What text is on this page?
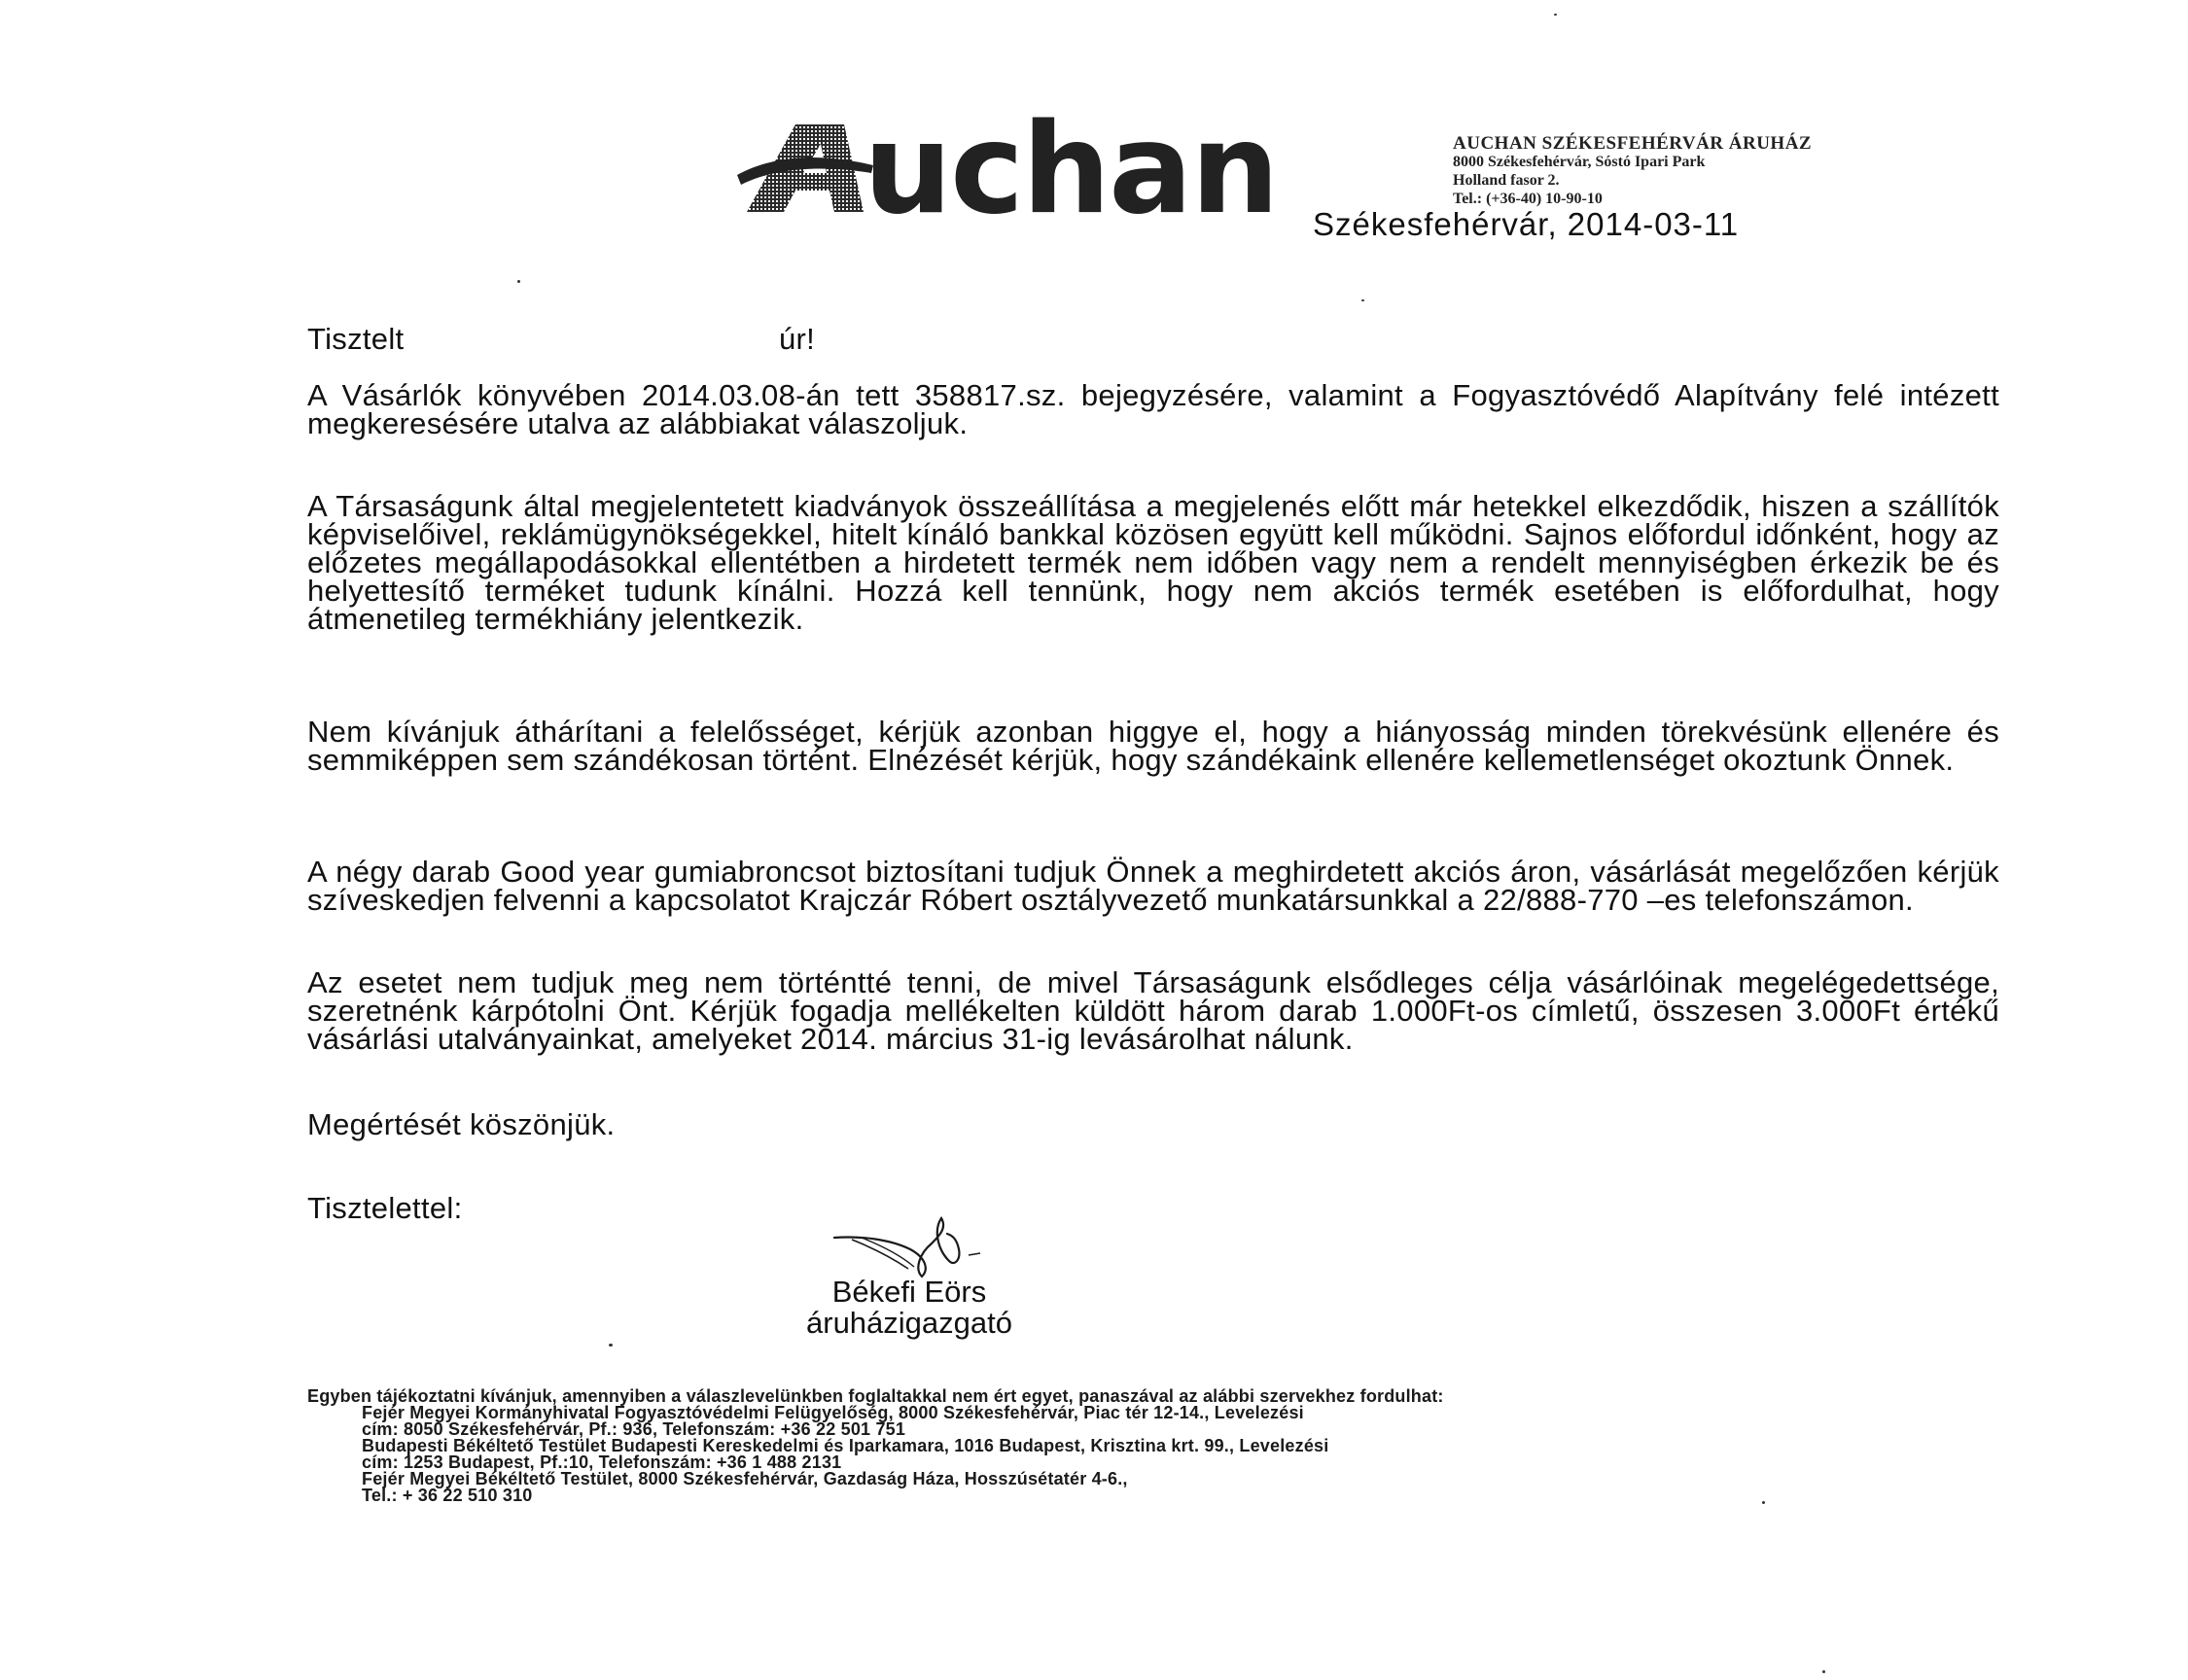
uchan	AUCHAN SZÉKESFEHÉRVÁR ÁRUHÁZ
8000 Székesfehérvár, Sóstó Ipari Park
Holland fasor 2.
Tel.: (+36-40) 10-90-10
Székesfehérvár, 2014-03-11
Tisztelt	úr!
A Vásárlók könyvében 2014.03.08-án tett 358817.sz. bejegyzésére, valamint a Fogyasztóvédő Alapítvány felé intézett megkeresésére utalva az alábbiakat válaszoljuk.
A Társaságunk által megjelentetett kiadványok összeállítása a megjelenés előtt már hetekkel elkezdődik, hiszen a szállítók képviselőivel, reklámügynökségekkel, hitelt kínáló bankkal közösen együtt kell működni. Sajnos előfordul időnként, hogy az előzetes megállapodásokkal ellentétben a hirdetett termék nem időben vagy nem a rendelt mennyiségben érkezik be és helyettesítő terméket tudunk kínálni. Hozzá kell tennünk, hogy nem akciós termék esetében is előfordulhat, hogy átmenetileg termékhiány jelentkezik.
Nem kívánjuk áthárítani a felelősséget, kérjük azonban higgye el, hogy a hiányosság minden törekvésünk ellenére és semmiképpen sem szándékosan történt. Elnézését kérjük, hogy szándékaink ellenére kellemetlenséget okoztunk Önnek.
A négy darab Good year gumiabroncsot biztosítani tudjuk Önnek a meghirdetett akciós áron, vásárlását megelőzően kérjük szíveskedjen felvenni a kapcsolatot Krajczár Róbert osztályvezető munkatársunkkal a 22/888-770 –es telefonszámon.
Az esetet nem tudjuk meg nem történtté tenni, de mivel Társaságunk elsődleges célja vásárlóinak megelégedettsége, szeretnénk kárpótolni Önt. Kérjük fogadja mellékelten küldött három darab 1.000Ft-os címletű, összesen 3.000Ft értékű vásárlási utalványainkat, amelyeket 2014. március 31-ig levásárolhat nálunk.
Megértését köszönjük.
Tisztelettel:
Békefi Eörs
áruházigazgató
Egyben tájékoztatni kívánjuk, amennyiben a válaszlevelünkben foglaltakkal nem ért egyet, panaszával az alábbi szervekhez fordulhat:
Fejér Megyei Kormányhivatal Fogyasztóvédelmi Felügyelőség, 8000 Székesfehérvár, Piac tér 12-14., Levelezési
cím: 8050 Székesfehérvár, Pf.: 936, Telefonszám: +36 22 501 751
Budapesti Békéltető Testület Budapesti Kereskedelmi és Iparkamara, 1016 Budapest, Krisztina krt. 99., Levelezési
cím: 1253 Budapest, Pf.:10, Telefonszám: +36 1 488 2131
Fejér Megyei Békéltető Testület, 8000 Székesfehérvár, Gazdaság Háza, Hosszúsétatér 4-6.,
Tel.: + 36 22 510 310
